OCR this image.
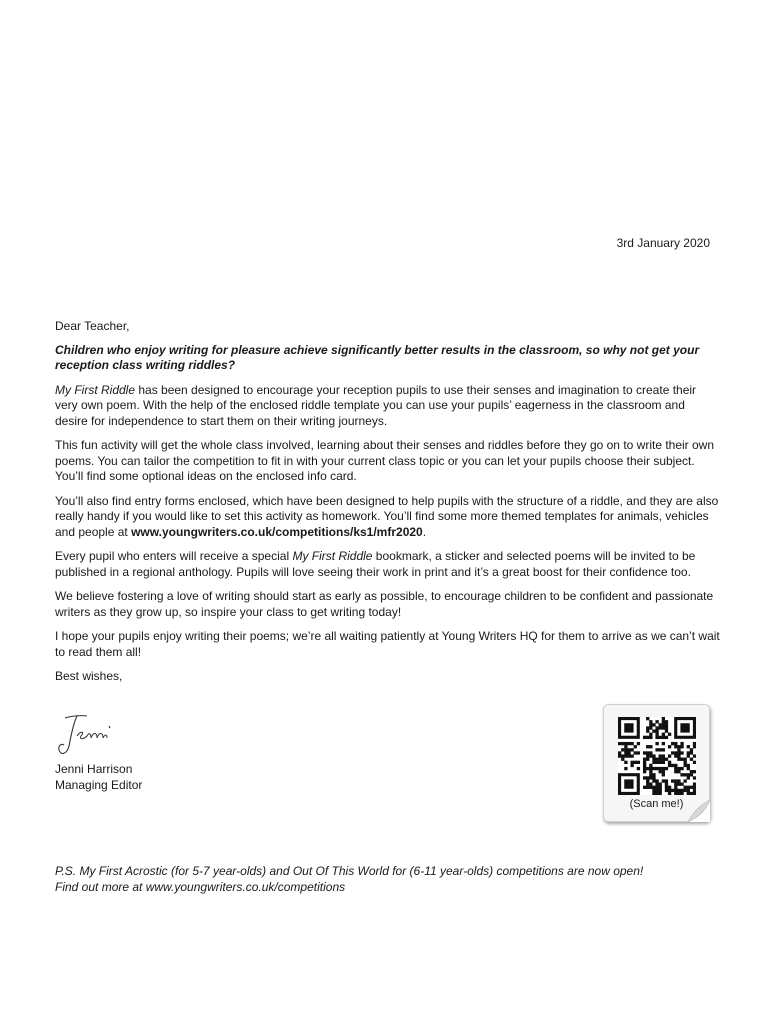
3rd January 2020

Dear Teacher,

Children who enjoy writing for pleasure achieve significantly better results in the classroom, so why not get your reception class writing riddles?

My First Riddle has been designed to encourage your reception pupils to use their senses and imagination to create their very own poem. With the help of the enclosed riddle template you can use your pupils’ eagerness in the classroom and desire for independence to start them on their writing journeys.

This fun activity will get the whole class involved, learning about their senses and riddles before they go on to write their own poems. You can tailor the competition to fit in with your current class topic or you can let your pupils choose their subject. You’ll find some optional ideas on the enclosed info card.

You’ll also find entry forms enclosed, which have been designed to help pupils with the structure of a riddle, and they are also really handy if you would like to set this activity as homework. You’ll find some more themed templates for animals, vehicles and people at www.youngwriters.co.uk/competitions/ks1/mfr2020.

Every pupil who enters will receive a special My First Riddle bookmark, a sticker and selected poems will be invited to be published in a regional anthology. Pupils will love seeing their work in print and it’s a great boost for their confidence too.

We believe fostering a love of writing should start as early as possible, to encourage children to be confident and passionate writers as they grow up, so inspire your class to get writing today!

I hope your pupils enjoy writing their poems; we’re all waiting patiently at Young Writers HQ for them to arrive as we can’t wait to read them all!

Best wishes,

Jenni Harrison
Managing Editor
(Scan me!)
P.S. My First Acrostic (for 5-7 year-olds) and Out Of This World for (6-11 year-olds) competitions are now open!
Find out more at www.youngwriters.co.uk/competitions
